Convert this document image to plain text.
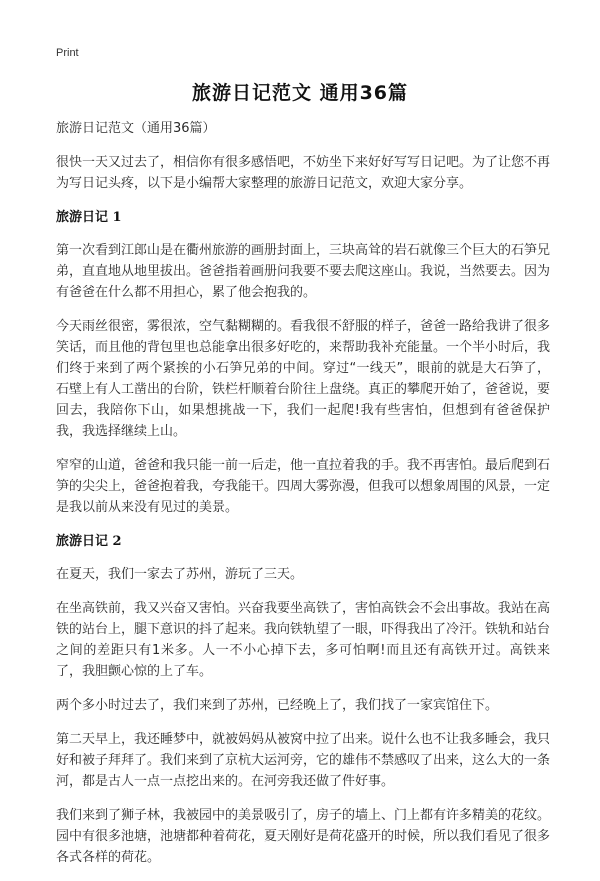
Print
旅游日记范文 通用36篇

旅游日记范文（通用36篇）

很快一天又过去了，相信你有很多感悟吧，不妨坐下来好好写写日记吧。为了让您不再为写日记头疼，以下是小编帮大家整理的旅游日记范文，欢迎大家分享。

旅游日记 1

第一次看到江郎山是在衢州旅游的画册封面上，三块高耸的岩石就像三个巨大的石笋兄弟，直直地从地里拔出。爸爸指着画册问我要不要去爬这座山。我说，当然要去。因为有爸爸在什么都不用担心，累了他会抱我的。

今天雨丝很密，雾很浓，空气黏糊糊的。看我很不舒服的样子，爸爸一路给我讲了很多笑话，而且他的背包里也总能拿出很多好吃的，来帮助我补充能量。一个半小时后，我们终于来到了两个紧挨的小石笋兄弟的中间。穿过“一线天”，眼前的就是大石笋了，石壁上有人工凿出的台阶，铁栏杆顺着台阶往上盘绕。真正的攀爬开始了，爸爸说，要回去，我陪你下山，如果想挑战一下，我们一起爬!我有些害怕，但想到有爸爸保护我，我选择继续上山。

窄窄的山道，爸爸和我只能一前一后走，他一直拉着我的手。我不再害怕。最后爬到石笋的尖尖上，爸爸抱着我，夸我能干。四周大雾弥漫，但我可以想象周围的风景，一定是我以前从来没有见过的美景。

旅游日记 2

在夏天，我们一家去了苏州，游玩了三天。

在坐高铁前，我又兴奋又害怕。兴奋我要坐高铁了，害怕高铁会不会出事故。我站在高铁的站台上，腿下意识的抖了起来。我向铁轨望了一眼，吓得我出了冷汗。铁轨和站台之间的差距只有1米多。人一不小心掉下去，多可怕啊!而且还有高铁开过。高铁来了，我胆颤心惊的上了车。

两个多小时过去了，我们来到了苏州，已经晚上了，我们找了一家宾馆住下。

第二天早上，我还睡梦中，就被妈妈从被窝中拉了出来。说什么也不让我多睡会，我只好和被子拜拜了。我们来到了京杭大运河旁，它的雄伟不禁感叹了出来，这么大的一条河，都是古人一点一点挖出来的。在河旁我还做了件好事。

我们来到了狮子林，我被园中的美景吸引了，房子的墙上、门上都有许多精美的花纹。园中有很多池塘，池塘都种着荷花，夏天刚好是荷花盛开的时候，所以我们看见了很多各式各样的荷花。
